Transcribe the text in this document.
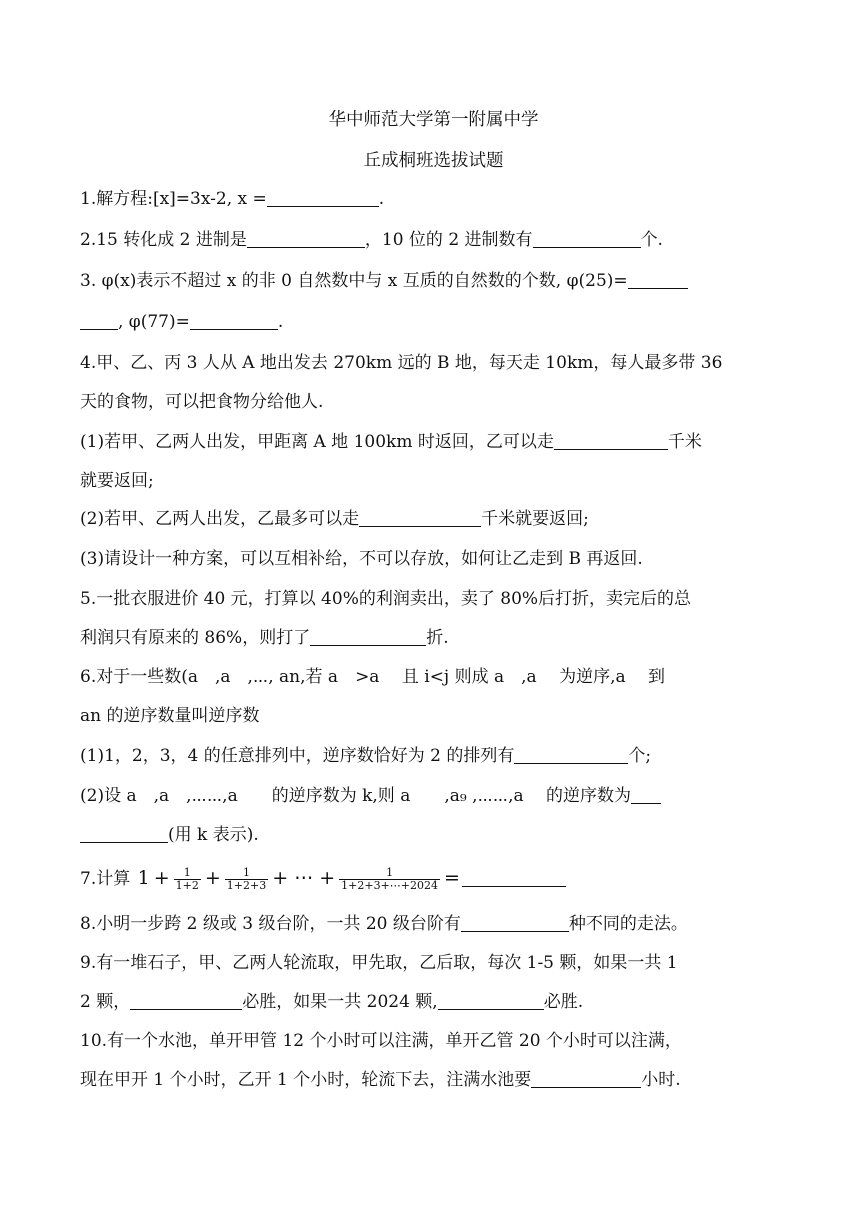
华中师范大学第一附属中学
丘成桐班选拔试题
1.解方程:[x]=3x-2, x =	.
2.15 转化成 2 进制是	，10 位的 2 进制数有	个.
3. φ(x)表示不超过 x 的非 0 自然数中与 x 互质的自然数的个数, φ(25)=
, φ(77)=	.
4.甲、乙、丙 3 人从 A 地出发去 270km 远的 B 地，每天走 10km，每人最多带 36
天的食物，可以把食物分给他人.
(1)若甲、乙两人出发，甲距离 A 地 100km 时返回，乙可以走	千米
就要返回;
(2)若甲、乙两人出发，乙最多可以走	千米就要返回;
(3)请设计一种方案，可以互相补给，不可以存放，如何让乙走到 B 再返回.
5.一批衣服进价 40 元，打算以 40%的利润卖出，卖了 80%后打折，卖完后的总
利润只有原来的 86%，则打了	折.
6.对于一些数(a　,a　,⋯, an,若 a　>a　 且 i<j 则成 a　,a　 为逆序,a　 到
an 的逆序数量叫逆序数
(1)1，2，3，4 的任意排列中，逆序数恰好为 2 的排列有	个;
(2)设 a　,a　,⋯⋯,a　　的逆序数为 k,则 a　　,a₉ ,⋯⋯,a　 的逆序数为
(用 k 表示).
7.计算 $1 + \frac{1}{1+2} + \frac{1}{1+2+3}$ + ⋯ + $\frac{1}{1+2+3+\cdots+2024}$ =
8.小明一步跨 2 级或 3 级台阶，一共 20 级台阶有	种不同的走法。
9.有一堆石子，甲、乙两人轮流取，甲先取，乙后取，每次 1-5 颗，如果一共 1
2 颗，	必胜，如果一共 2024 颗,	必胜.
10.有一个水池，单开甲管 12 个小时可以注满，单开乙管 20 个小时可以注满，
现在甲开 1 个小时，乙开 1 个小时，轮流下去，注满水池要	小时.
